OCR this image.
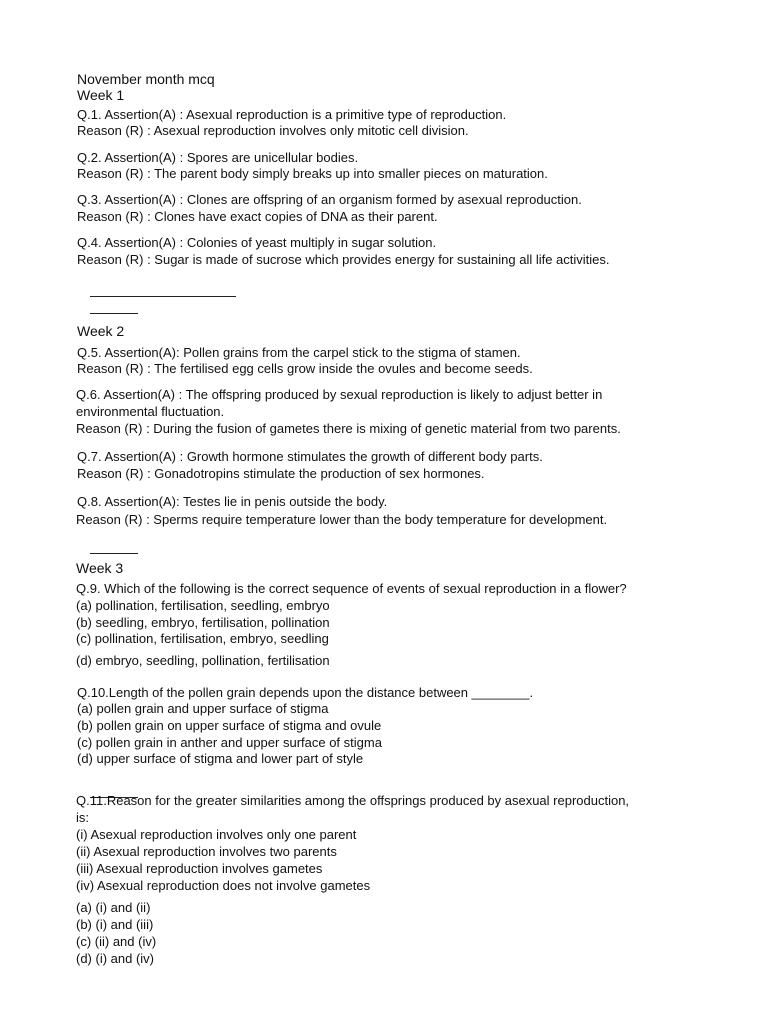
November month mcq
Week 1
Q.1. Assertion(A) : Asexual reproduction is a primitive type of reproduction.
Reason (R) : Asexual reproduction involves only mitotic cell division.
Q.2. Assertion(A) : Spores are unicellular bodies.
Reason (R) : The parent body simply breaks up into smaller pieces on maturation.
Q.3. Assertion(A) : Clones are offspring of an organism formed by asexual reproduction.
Reason (R) : Clones have exact copies of DNA as their parent.
Q.4. Assertion(A) : Colonies of yeast multiply in sugar solution.
Reason (R) : Sugar is made of sucrose which provides energy for sustaining all life activities.
Week 2
Q.5. Assertion(A): Pollen grains from the carpel stick to the stigma of stamen.
Reason (R) : The fertilised egg cells grow inside the ovules and become seeds.
Q.6. Assertion(A) : The offspring produced by sexual reproduction is likely to adjust better in
environmental fluctuation.
Reason (R) : During the fusion of gametes there is mixing of genetic material from two parents.
Q.7. Assertion(A) : Growth hormone stimulates the growth of different body parts.
Reason (R) : Gonadotropins stimulate the production of sex hormones.
Q.8. Assertion(A): Testes lie in penis outside the body.
Reason (R) : Sperms require temperature lower than the body temperature for development.
Week 3
Q.9. Which of the following is the correct sequence of events of sexual reproduction in a flower?
(a) pollination, fertilisation, seedling, embryo
(b) seedling, embryo, fertilisation, pollination
(c) pollination, fertilisation, embryo, seedling
(d) embryo, seedling, pollination, fertilisation
Q.10.Length of the pollen grain depends upon the distance between ________.
(a) pollen grain and upper surface of stigma
(b) pollen grain on upper surface of stigma and ovule
(c) pollen grain in anther and upper surface of stigma
(d) upper surface of stigma and lower part of style
Q.11.Reason for the greater similarities among the offsprings produced by asexual reproduction,
is:
(i) Asexual reproduction involves only one parent
(ii) Asexual reproduction involves two parents
(iii) Asexual reproduction involves gametes
(iv) Asexual reproduction does not involve gametes
(a) (i) and (ii)
(b) (i) and (iii)
(c) (ii) and (iv)
(d) (i) and (iv)
